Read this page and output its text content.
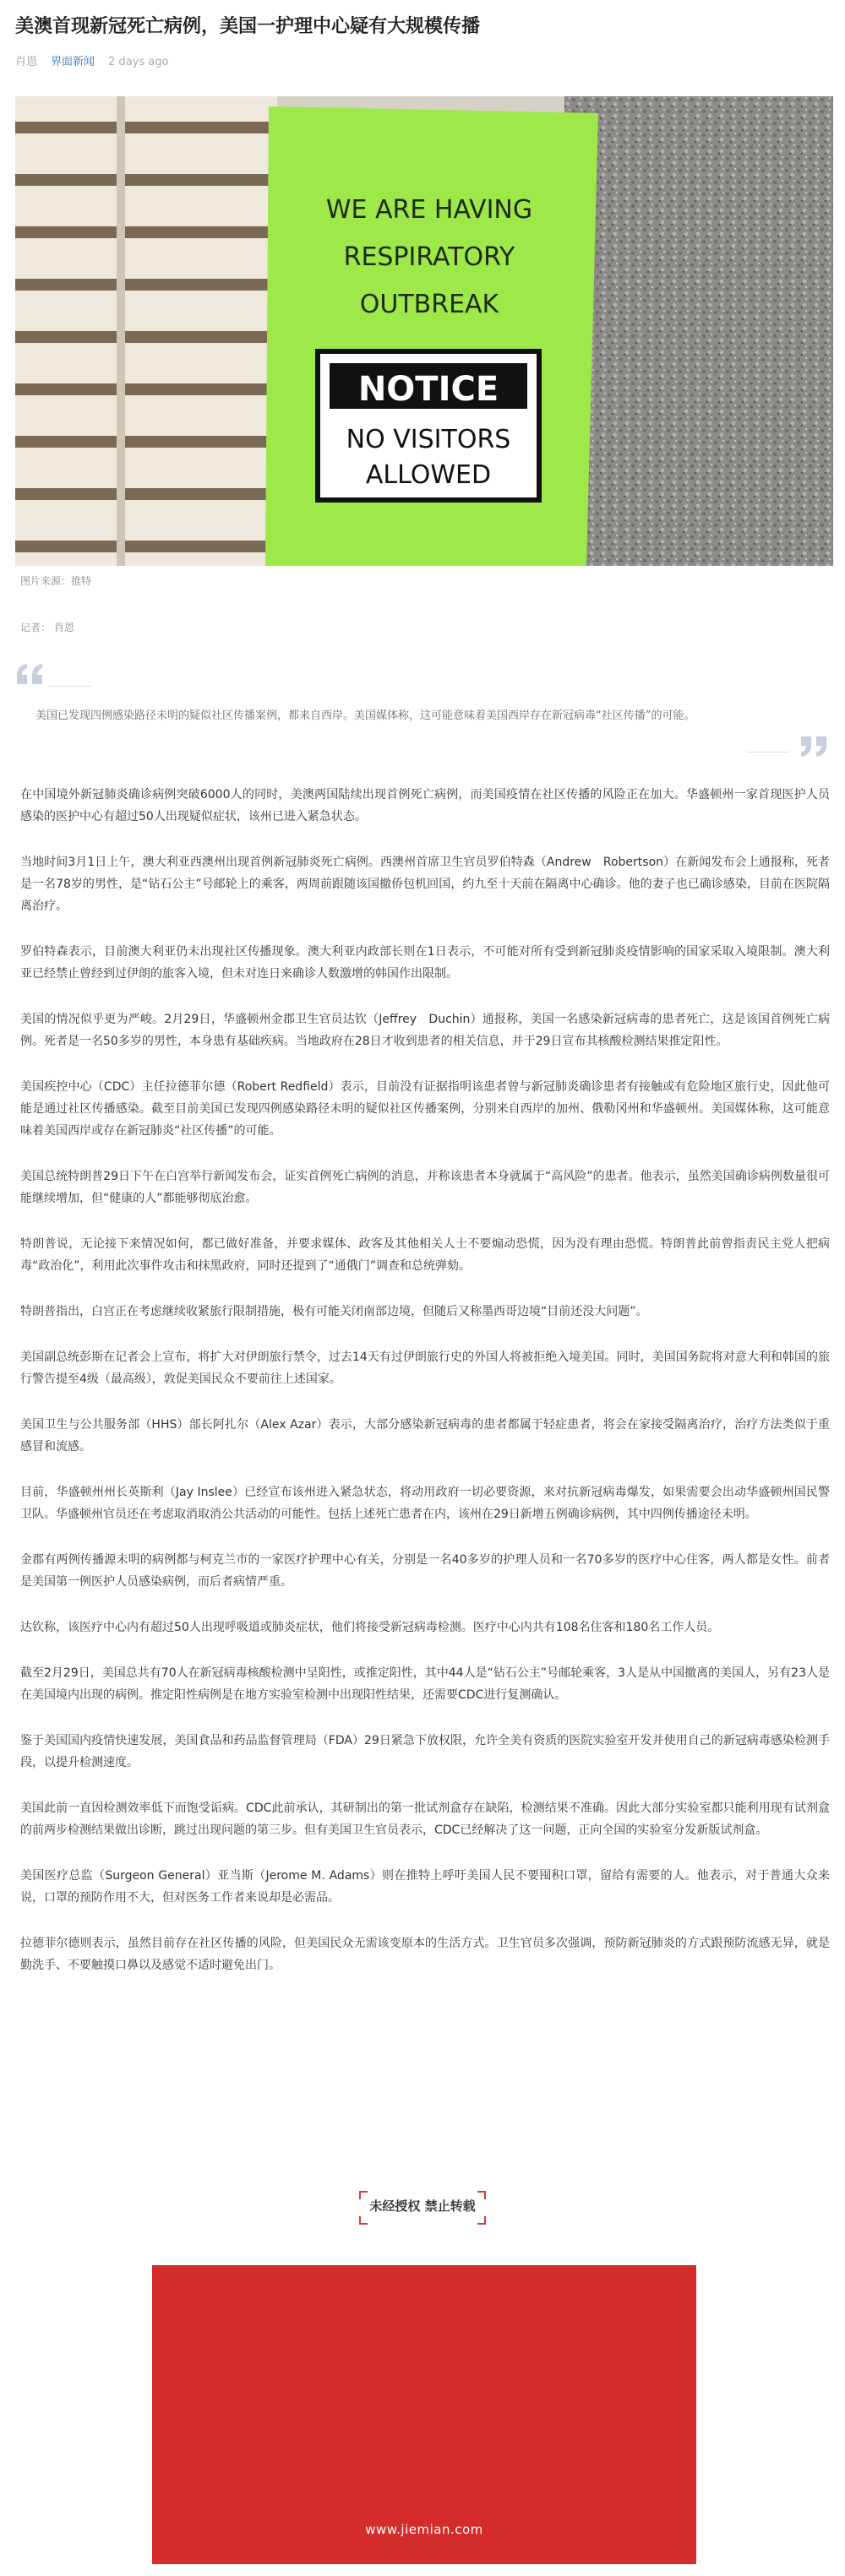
美澳首现新冠死亡病例，美国一护理中心疑有大规模传播
肖恩 界面新闻 2 days ago
WE ARE HAVING
RESPIRATORY
OUTBREAK
NOTICE
NO VISITORS
ALLOWED
图片来源：推特
记者： 肖恩

美国已发现四例感染路径未明的疑似社区传播案例，都来自西岸。美国媒体称，这可能意味着美国西岸存在新冠病毒“社区传播”的可能。

在中国境外新冠肺炎确诊病例突破6000人的同时，美澳两国陆续出现首例死亡病例，而美国疫情在社区传播的风险正在加大。华盛顿州一家首现医护人员感染的医护中心有超过50人出现疑似症状，该州已进入紧急状态。

当地时间3月1日上午，澳大利亚西澳州出现首例新冠肺炎死亡病例。西澳州首席卫生官员罗伯特森（Andrew　Robertson）在新闻发布会上通报称，死者是一名78岁的男性，是“钻石公主”号邮轮上的乘客，两周前跟随该国撤侨包机回国，约九至十天前在隔离中心确诊。他的妻子也已确诊感染，目前在医院隔离治疗。

罗伯特森表示，目前澳大利亚仍未出现社区传播现象。澳大利亚内政部长则在1日表示，不可能对所有受到新冠肺炎疫情影响的国家采取入境限制。澳大利亚已经禁止曾经到过伊朗的旅客入境，但未对连日来确诊人数激增的韩国作出限制。

美国的情况似乎更为严峻。2月29日，华盛顿州金郡卫生官员达钦（Jeffrey　Duchin）通报称，美国一名感染新冠病毒的患者死亡，这是该国首例死亡病例。死者是一名50多岁的男性，本身患有基础疾病。当地政府在28日才收到患者的相关信息，并于29日宣布其核酸检测结果推定阳性。

美国疾控中心（CDC）主任拉德菲尔德（Robert Redfield）表示，目前没有证据指明该患者曾与新冠肺炎确诊患者有接触或有危险地区旅行史，因此他可能是通过社区传播感染。截至目前美国已发现四例感染路径未明的疑似社区传播案例，分别来自西岸的加州、俄勒冈州和华盛顿州。美国媒体称，这可能意味着美国西岸或存在新冠肺炎“社区传播”的可能。

美国总统特朗普29日下午在白宫举行新闻发布会，证实首例死亡病例的消息，并称该患者本身就属于“高风险”的患者。他表示，虽然美国确诊病例数量很可能继续增加，但“健康的人”都能够彻底治愈。

特朗普说，无论接下来情况如何，都已做好准备，并要求媒体、政客及其他相关人士不要煽动恐慌，因为没有理由恐慌。特朗普此前曾指责民主党人把病毒“政治化”，利用此次事件攻击和抹黑政府，同时还提到了“通俄门”调查和总统弹劾。

特朗普指出，白宫正在考虑继续收紧旅行限制措施，极有可能关闭南部边境，但随后又称墨西哥边境“目前还没大问题”。

美国副总统彭斯在记者会上宣布，将扩大对伊朗旅行禁令，过去14天有过伊朗旅行史的外国人将被拒绝入境美国。同时，美国国务院将对意大利和韩国的旅行警告提至4级（最高级），敦促美国民众不要前往上述国家。

美国卫生与公共服务部（HHS）部长阿扎尔（Alex Azar）表示，大部分感染新冠病毒的患者都属于轻症患者，将会在家接受隔离治疗，治疗方法类似于重感冒和流感。

目前，华盛顿州州长英斯利（Jay Inslee）已经宣布该州进入紧急状态，将动用政府一切必要资源，来对抗新冠病毒爆发，如果需要会出动华盛顿州国民警卫队。华盛顿州官员还在考虑取消取消公共活动的可能性。包括上述死亡患者在内，该州在29日新增五例确诊病例，其中四例传播途径未明。

金郡有两例传播源未明的病例都与柯克兰市的一家医疗护理中心有关，分别是一名40多岁的护理人员和一名70多岁的医疗中心住客，两人都是女性。前者是美国第一例医护人员感染病例，而后者病情严重。

达钦称，该医疗中心内有超过50人出现呼吸道或肺炎症状，他们将接受新冠病毒检测。医疗中心内共有108名住客和180名工作人员。

截至2月29日，美国总共有70人在新冠病毒核酸检测中呈阳性，或推定阳性，其中44人是“钻石公主”号邮轮乘客，3人是从中国撤离的美国人，另有23人是在美国境内出现的病例。推定阳性病例是在地方实验室检测中出现阳性结果，还需要CDC进行复测确认。

鉴于美国国内疫情快速发展，美国食品和药品监督管理局（FDA）29日紧急下放权限，允许全美有资质的医院实验室开发并使用自己的新冠病毒感染检测手段，以提升检测速度。

美国此前一直因检测效率低下而饱受诟病。CDC此前承认，其研制出的第一批试剂盒存在缺陷，检测结果不准确。因此大部分实验室都只能利用现有试剂盒的前两步检测结果做出诊断，跳过出现问题的第三步。但有美国卫生官员表示，CDC已经解决了这一问题，正向全国的实验室分发新版试剂盒。

美国医疗总监（Surgeon General）亚当斯（Jerome M. Adams）则在推特上呼吁美国人民不要囤积口罩，留给有需要的人。他表示，对于普通大众来说，口罩的预防作用不大，但对医务工作者来说却是必需品。

拉德菲尔德则表示，虽然目前存在社区传播的风险，但美国民众无需该变原本的生活方式。卫生官员多次强调，预防新冠肺炎的方式跟预防流感无异，就是勤洗手、不要触摸口鼻以及感觉不适时避免出门。

未经授权 禁止转载
www.jiemian.com
